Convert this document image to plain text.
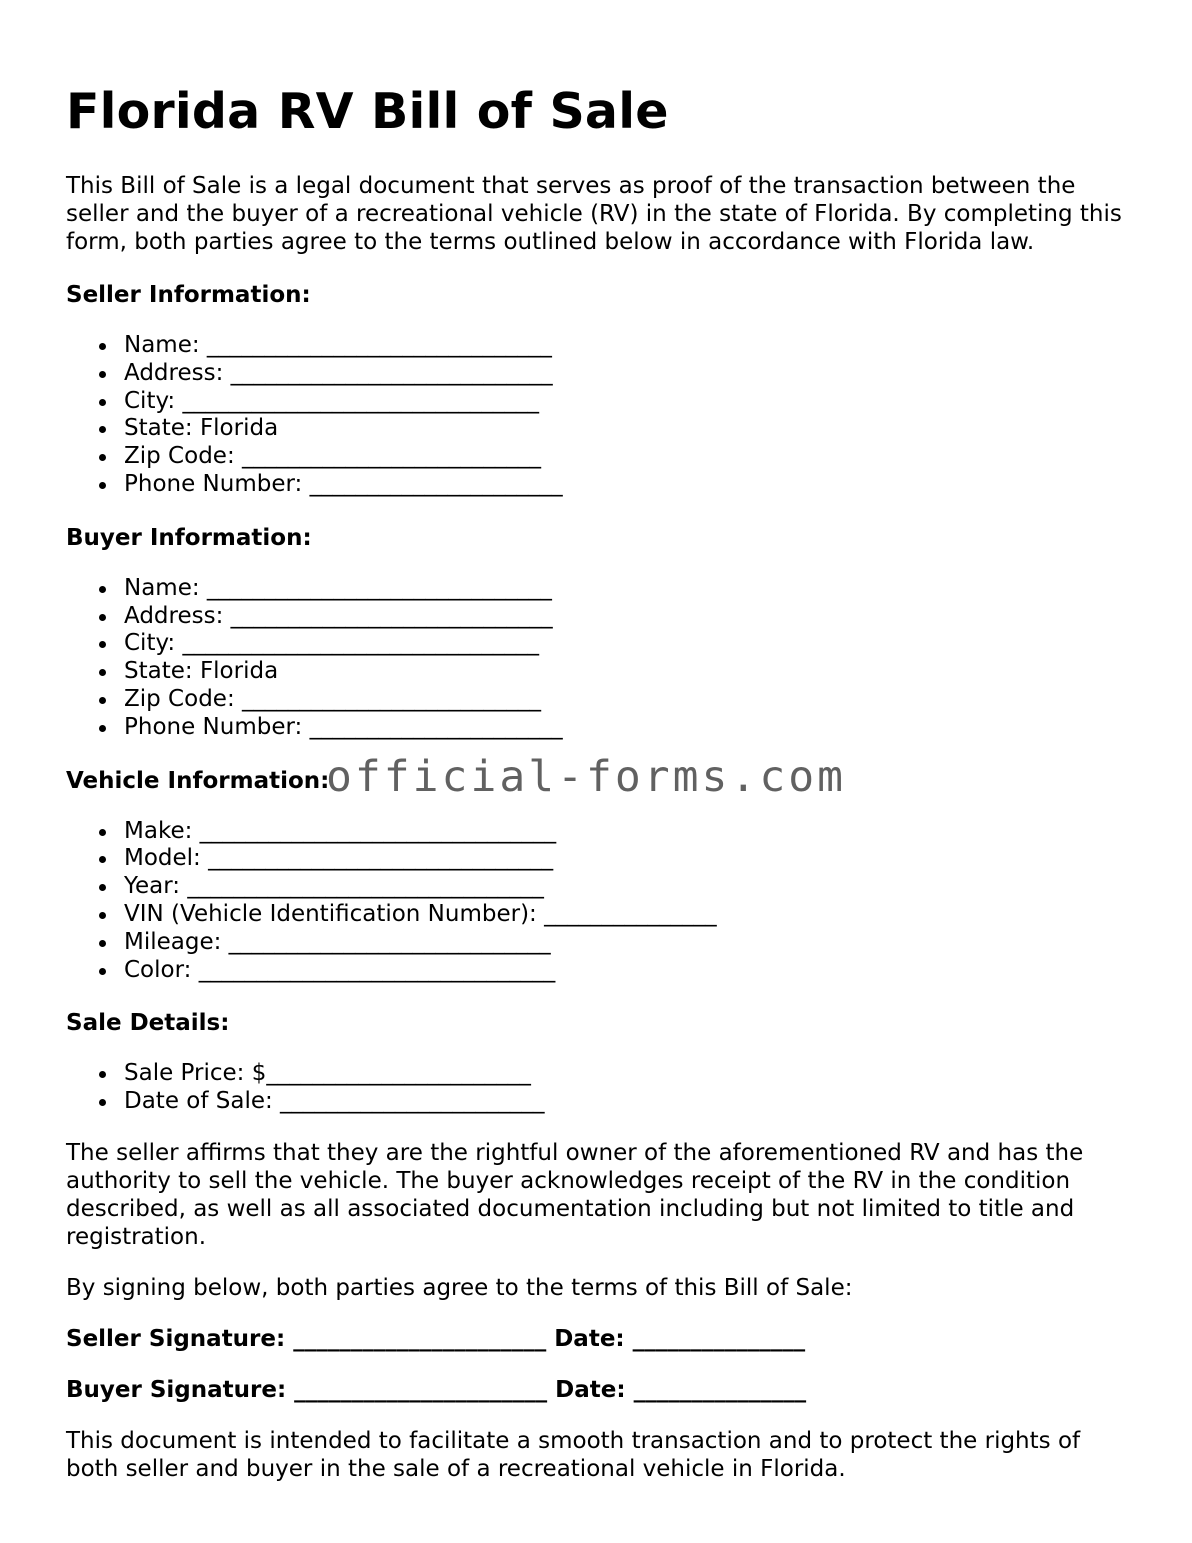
Florida RV Bill of Sale

This Bill of Sale is a legal document that serves as proof of the transaction between the seller and the buyer of a recreational vehicle (RV) in the state of Florida. By completing this form, both parties agree to the terms outlined below in accordance with Florida law.

Seller Information:
Name: ______________________________
Address: ____________________________
City: _______________________________
State: Florida
Zip Code: __________________________
Phone Number: ______________________
Buyer Information:
Name: ______________________________
Address: ____________________________
City: _______________________________
State: Florida
Zip Code: __________________________
Phone Number: ______________________
Vehicle Information:
Make: _______________________________
Model: ______________________________
Year: _______________________________
VIN (Vehicle Identification Number): _______________
Mileage: ____________________________
Color: _______________________________
Sale Details:
Sale Price: $_______________________
Date of Sale: _______________________

The seller affirms that they are the rightful owner of the aforementioned RV and has the authority to sell the vehicle. The buyer acknowledges receipt of the RV in the condition described, as well as all associated documentation including but not limited to title and registration.

By signing below, both parties agree to the terms of this Bill of Sale:

Seller Signature: ______________________ Date: _______________
Buyer Signature: ______________________ Date: _______________

This document is intended to facilitate a smooth transaction and to protect the rights of both seller and buyer in the sale of a recreational vehicle in Florida.

official-forms.com
